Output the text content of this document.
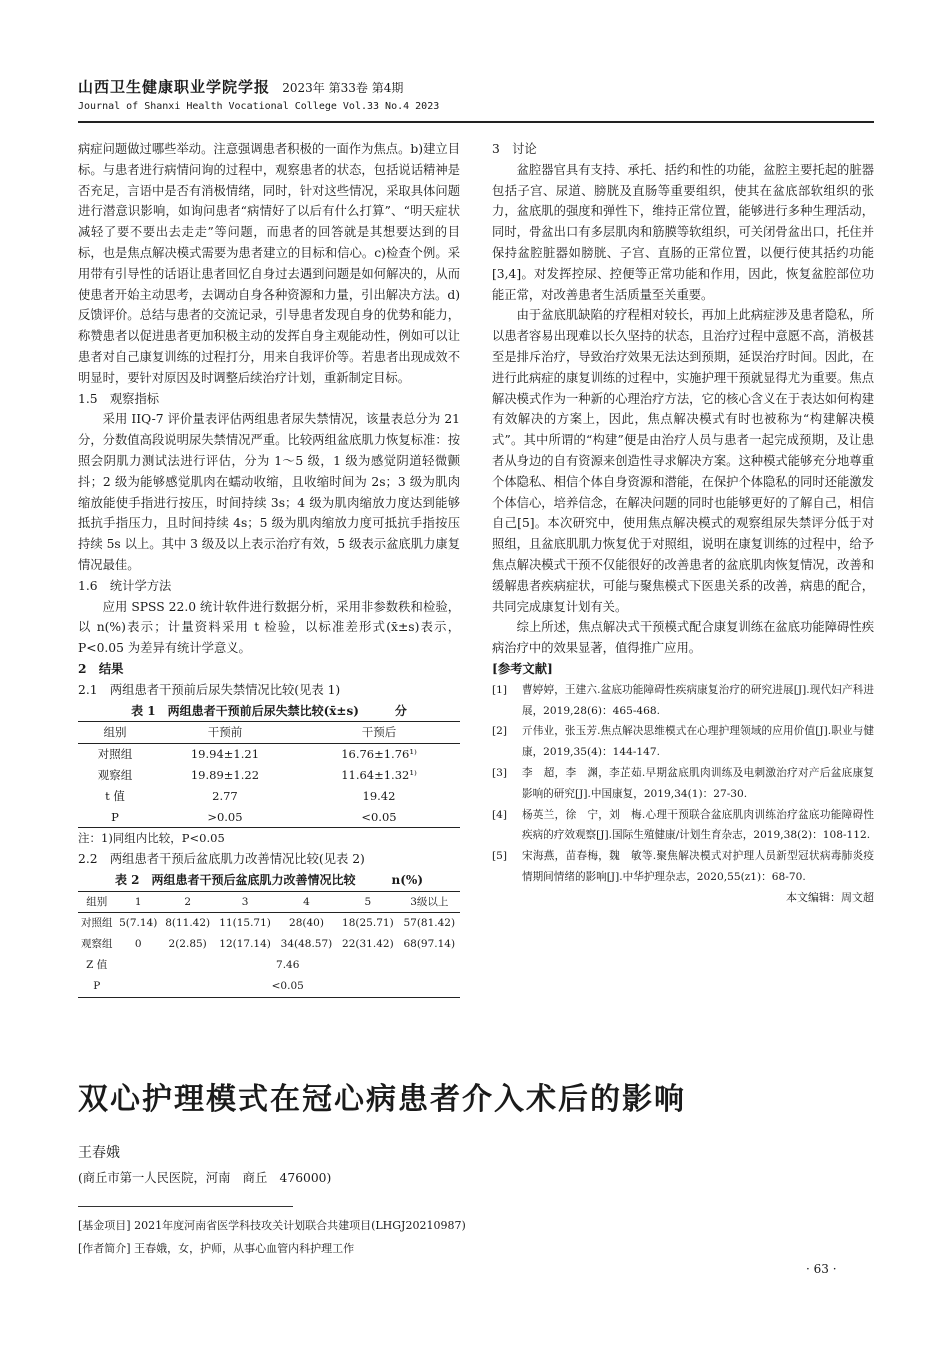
山西卫生健康职业学院学报 2023年 第33卷 第4期
Journal of Shanxi Health Vocational College Vol.33 No.4 2023

病症问题做过哪些举动。注意强调患者积极的一面作为焦点。b)建立目标。与患者进行病情问询的过程中，观察患者的状态，包括说话精神是否充足，言语中是否有消极情绪，同时，针对这些情况，采取具体问题进行潜意识影响，如询问患者“病情好了以后有什么打算”、“明天症状减轻了要不要出去走走”等问题，而患者的回答就是其想要达到的目标，也是焦点解决模式需要为患者建立的目标和信心。c)检查个例。采用带有引导性的话语让患者回忆自身过去遇到问题是如何解决的，从而使患者开始主动思考，去调动自身各种资源和力量，引出解决方法。d)反馈评价。总结与患者的交流记录，引导患者发现自身的优势和能力，称赞患者以促进患者更加积极主动的发挥自身主观能动性，例如可以让患者对自己康复训练的过程打分，用来自我评价等。若患者出现成效不明显时，要针对原因及时调整后续治疗计划，重新制定目标。

1.5　观察指标

采用 IIQ-7 评价量表评估两组患者尿失禁情况，该量表总分为 21 分，分数值高段说明尿失禁情况严重。比较两组盆底肌力恢复标准：按照会阴肌力测试法进行评估，分为 1～5 级，1 级为感觉阴道轻微颤抖；2 级为能够感觉肌肉在蠕动收缩，且收缩时间为 2s；3 级为肌肉缩放能使手指进行按压，时间持续 3s；4 级为肌肉缩放力度达到能够抵抗手指压力，且时间持续 4s；5 级为肌肉缩放力度可抵抗手指按压持续 5s 以上。其中 3 级及以上表示治疗有效，5 级表示盆底肌力康复情况最佳。

1.6　统计学方法

应用 SPSS 22.0 统计软件进行数据分析，采用非参数秩和检验，以 n(%)表示；计量资料采用 t 检验，以标准差形式(x̄±s)表示，P<0.05 为差异有统计学意义。

2　结果

2.1　两组患者干预前后尿失禁情况比较(见表 1)

表 1　两组患者干预前后尿失禁比较(x̄±s)　　　分

组别	干预前	干预后
对照组	19.94±1.21	16.76±1.76¹⁾
观察组	19.89±1.22	11.64±1.32¹⁾
t 值	2.77	19.42
P	>0.05	<0.05

注：1)同组内比较，P<0.05

2.2　两组患者干预后盆底肌力改善情况比较(见表 2)

表 2　两组患者干预后盆底肌力改善情况比较　　　n(%)

组别	1	2	3	4	5	3级以上
对照组	5(7.14)	8(11.42)	11(15.71)	28(40)	18(25.71)	57(81.42)
观察组	0	2(2.85)	12(17.14)	34(48.57)	22(31.42)	68(97.14)
Z 值	7.46					
P	<0.05					

3　讨论

盆腔器官具有支持、承托、括约和性的功能，盆腔主要托起的脏器包括子宫、尿道、膀胱及直肠等重要组织，使其在盆底部软组织的张力，盆底肌的强度和弹性下，维持正常位置，能够进行多种生理活动，同时，骨盆出口有多层肌肉和筋膜等软组织，可关闭骨盆出口，托住并保持盆腔脏器如膀胱、子宫、直肠的正常位置，以便行使其括约功能[3,4]。对发挥控尿、控便等正常功能和作用，因此，恢复盆腔部位功能正常，对改善患者生活质量至关重要。

由于盆底肌缺陷的疗程相对较长，再加上此病症涉及患者隐私，所以患者容易出现难以长久坚持的状态，且治疗过程中意愿不高，消极甚至是排斥治疗，导致治疗效果无法达到预期，延误治疗时间。因此，在进行此病症的康复训练的过程中，实施护理干预就显得尤为重要。焦点解决模式作为一种新的心理治疗方法，它的核心含义在于表达如何构建有效解决的方案上，因此，焦点解决模式有时也被称为“构建解决模式”。其中所谓的“构建”便是由治疗人员与患者一起完成预期，及让患者从身边的自有资源来创造性寻求解决方案。这种模式能够充分地尊重个体隐私、相信个体自身资源和潜能，在保护个体隐私的同时还能激发个体信心，培养信念，在解决问题的同时也能够更好的了解自己，相信自己[5]。本次研究中，使用焦点解决模式的观察组尿失禁评分低于对照组，且盆底肌肌力恢复优于对照组，说明在康复训练的过程中，给予焦点解决模式干预不仅能很好的改善患者的盆底肌肉恢复情况，改善和缓解患者疾病症状，可能与聚焦模式下医患关系的改善，病患的配合，共同完成康复计划有关。

综上所述，焦点解决式干预模式配合康复训练在盆底功能障碍性疾病治疗中的效果显著，值得推广应用。

[参考文献]

[1]	曹婷婷，王建六.盆底功能障碍性疾病康复治疗的研究进展[J].现代妇产科进展，2019,28(6)：465-468.
[2]	亓伟业，张玉芳.焦点解决思维模式在心理护理领域的应用价值[J].职业与健康，2019,35(4)：144-147.
[3]	李　超，李　渊，李芷茹.早期盆底肌肉训练及电刺激治疗对产后盆底康复影响的研究[J].中国康复，2019,34(1)：27-30.
[4]	杨英兰，徐　宁，刘　梅.心理干预联合盆底肌肉训练治疗盆底功能障碍性疾病的疗效观察[J].国际生殖健康/计划生育杂志，2019,38(2)：108-112.
[5]	宋海燕，苗春梅，魏　敏等.聚焦解决模式对护理人员新型冠状病毒肺炎疫情期间情绪的影响[J].中华护理杂志，2020,55(z1)：68-70.
本文编辑：周文超
双心护理模式在冠心病患者介入术后的影响
王春娥
(商丘市第一人民医院，河南　商丘　476000)
[基金项目] 2021年度河南省医学科技攻关计划联合共建项目(LHGJ20210987)
[作者简介] 王春娥，女，护师，从事心血管内科护理工作
· 63 ·
